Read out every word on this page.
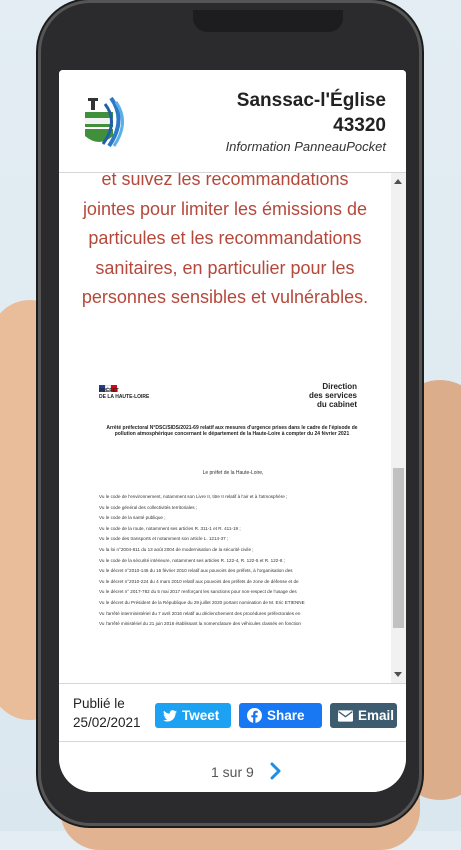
Sanssac-l'Église
43320
Information PanneauPocket
et suivez les recommandations
jointes pour limiter les émissions de
particules et les recommandations
sanitaires, en particulier pour les
personnes sensibles et vulnérables.
PRÉFET
DE LA HAUTE-LOIRE
Direction
des services
du cabinet
Arrêté préfectoral N°DSC/SIDS/2021-69 relatif aux mesures d'urgence prises dans le cadre de l'épisode de pollution atmosphérique concernant le département de la Haute-Loire à compter du 24 février 2021
Le préfet de la Haute-Loire,
Vu le code de l'environnement, notamment son Livre II, titre II relatif à l'air et à l'atmosphère ;
Vu le code général des collectivités territoriales ;
Vu le code de la santé publique ;
Vu le code de la route, notamment ses articles R. 311-1 et R. 411-19 ;
Vu le code des transports et notamment son article L. 1214-37 ;
Vu la loi n°2004-811 du 13 août 2004 de modernisation de la sécurité civile ;
Vu le code de la sécurité intérieure, notamment ses articles R. 122-4, R. 122-5 et R. 122-8 ;
Vu le décret n°2010-146 du 16 février 2010 relatif aux pouvoirs des préfets, à l'organisation des
Vu le décret n°2010-224 du 4 mars 2010 relatif aux pouvoirs des préfets de zone de défense et de
Vu le décret n° 2017-782 du 5 mai 2017 renforçant les sanctions pour non-respect de l'usage des
Vu le décret du Président de la République du 29 juillet 2020 portant nomination de M. Eric ETIENNE
Vu l'arrêté interministériel du 7 avril 2016 relatif au déclenchement des procédures préfectorales en
Vu l'arrêté ministériel du 21 juin 2016 établissant la nomenclature des véhicules classés en fonction
Publié le
25/02/2021	Tweet	Share	Email
1 sur 9
